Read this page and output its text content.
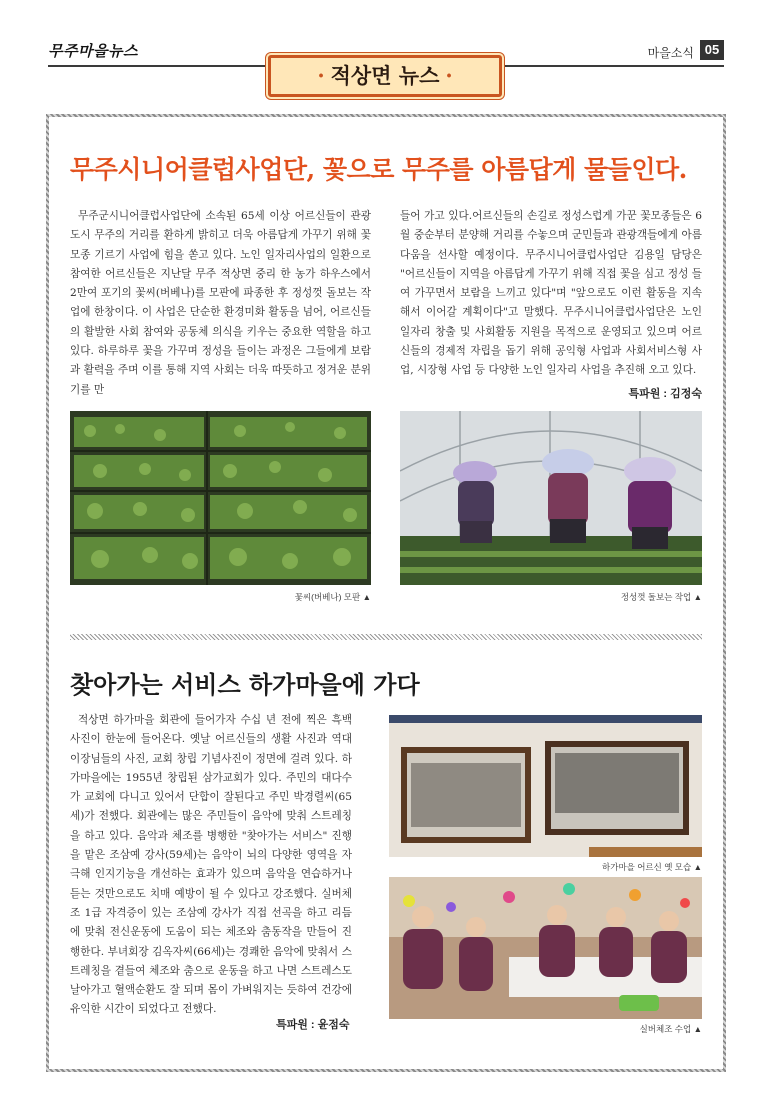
무주마을뉴스	마을소식 05
· 적상면 뉴스 ·
무주시니어클럽사업단, 꽃으로 무주를 아름답게 물들인다.

무주군시니어클럽사업단에 소속된 65세 이상 어르신들이 관광도시 무주의 거리를 환하게 밝히고 더욱 아름답게 가꾸기 위해 꽃모종 기르기 사업에 힘을 쏟고 있다. 노인 일자리사업의 일환으로 참여한 어르신들은 지난달 무주 적상면 중리 한 농가 하우스에서 2만여 포기의 꽃씨(버베나)를 모판에 파종한 후 정성껏 돌보는 작업에 한창이다. 이 사업은 단순한 환경미화 활동을 넘어, 어르신들의 활발한 사회 참여와 공동체 의식을 키우는 중요한 역할을 하고 있다. 하루하루 꽃을 가꾸며 정성을 들이는 과정은 그들에게 보람과 활력을 주며 이를 통해 지역 사회는 더욱 따뜻하고 정겨운 분위기를 만

들어 가고 있다.어르신들의 손길로 정성스럽게 가꾼 꽃모종들은 6월 중순부터 분양해 거리를 수놓으며 군민들과 관광객들에게 아름다움을 선사할 예정이다. 무주시니어클럽사업단 김용일 담당은 "어르신들이 지역을 아름답게 가꾸기 위해 직접 꽃을 심고 정성 들여 가꾸면서 보람을 느끼고 있다"며 "앞으로도 이런 활동을 지속해서 이어갈 계획이다"고 말했다. 무주시니어클럽사업단은 노인 일자리 창출 및 사회활동 지원을 목적으로 운영되고 있으며 어르신들의 경제적 자립을 돕기 위해 공익형 사업과 사회서비스형 사업, 시장형 사업 등 다양한 노인 일자리 사업을 추진해 오고 있다.

특파원 : 김정숙
꽃씨(버베나) 모판 ▲	정성껏 돌보는 작업 ▲
찾아가는 서비스 하가마을에 가다

적상면 하가마을 회관에 들어가자 수십 년 전에 찍은 흑백 사진이 한눈에 들어온다. 옛날 어르신들의 생활 사진과 역대 이장님들의 사진, 교회 창립 기념사진이 정면에 걸려 있다. 하가마을에는 1955년 창립된 삼가교회가 있다. 주민의 대다수가 교회에 다니고 있어서 단합이 잘된다고 주민 박경렬씨(65세)가 전했다. 회관에는 많은 주민들이 음악에 맞춰 스트레칭을 하고 있다. 음악과 체조를 병행한 "찾아가는 서비스" 진행을 맡은 조삼예 강사(59세)는 음악이 뇌의 다양한 영역을 자극해 인지기능을 개선하는 효과가 있으며 음악을 연습하거나 듣는 것만으로도 치매 예방이 될 수 있다고 강조했다. 실버체조 1급 자격증이 있는 조삼예 강사가 직접 선곡을 하고 리듬에 맞춰 전신운동에 도움이 되는 체조와 춤동작을 만들어 진행한다. 부녀회장 김옥자씨(66세)는 경쾌한 음악에 맞춰서 스트레칭을 곁들여 체조와 춤으로 운동을 하고 나면 스트레스도 날아가고 혈액순환도 잘 되며 몸이 가벼워지는 듯하여 건강에 유익한 시간이 되었다고 전했다.

특파원 : 윤점숙
하가마을 어르신 옛 모습 ▲
실버체조 수업 ▲
